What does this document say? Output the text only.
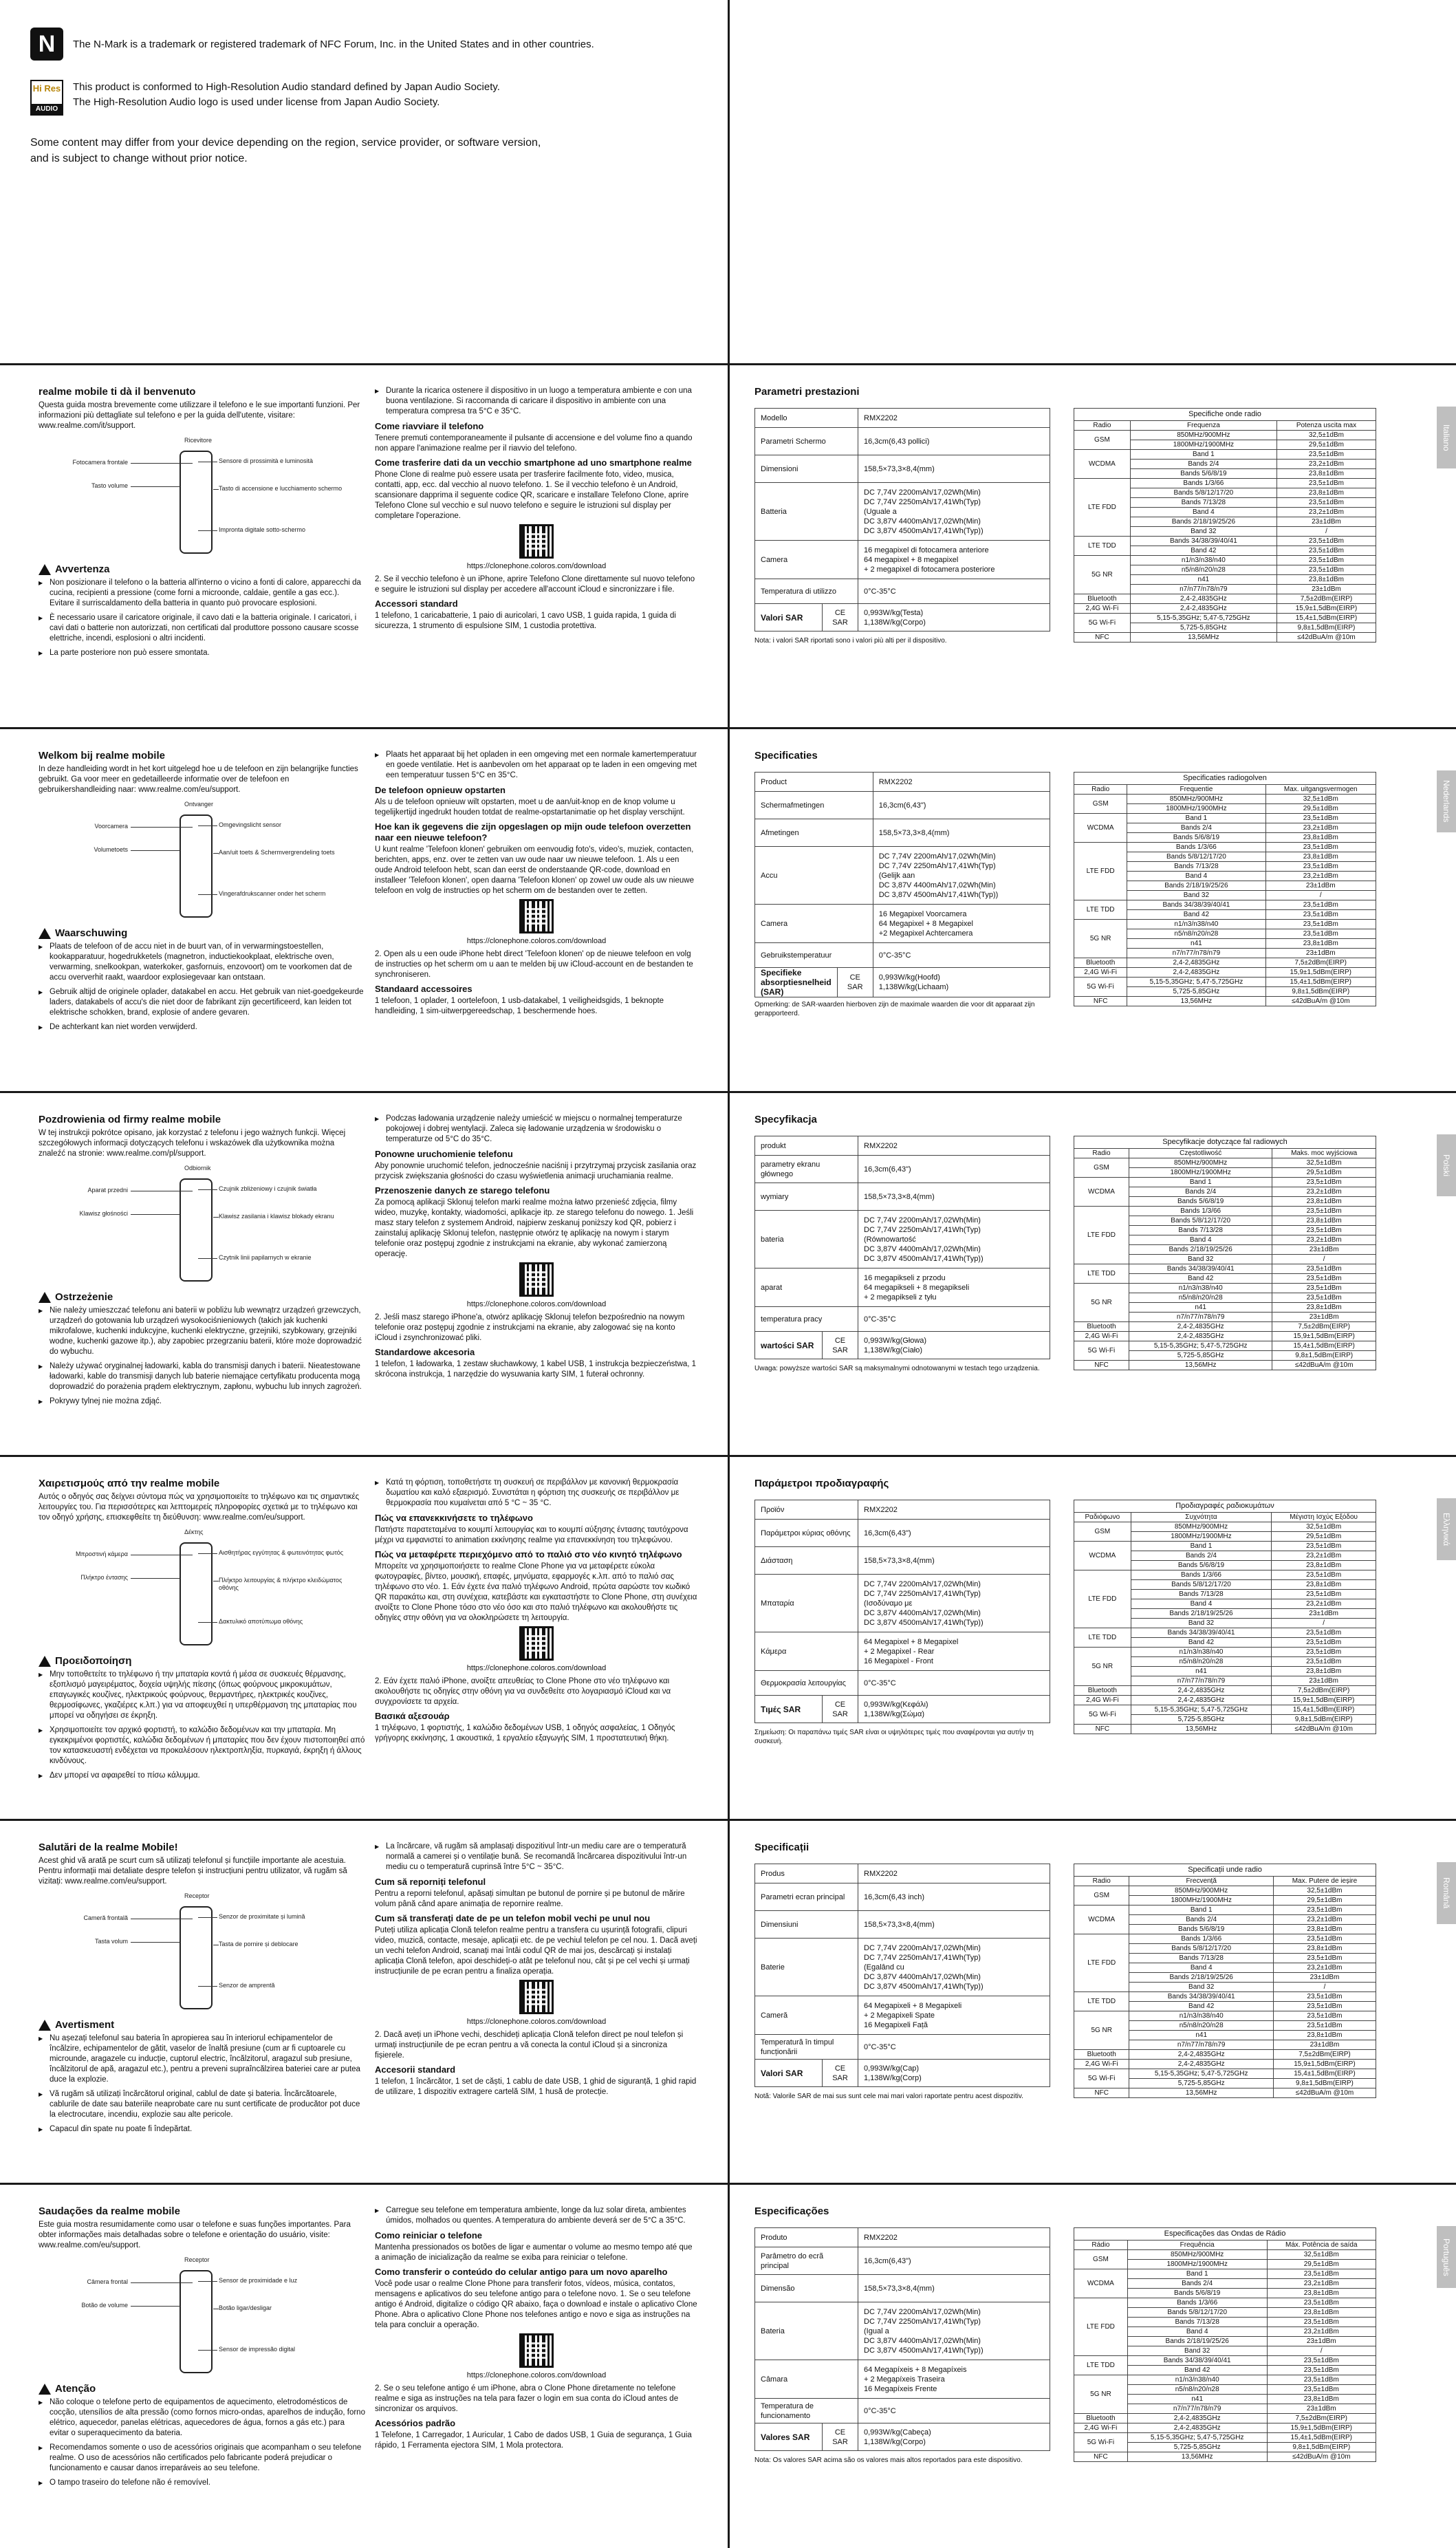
N	The N-Mark is a trademark or registered trademark of NFC Forum, Inc. in the United States and in other countries.
Hi Res
AUDIO
This product is conformed to High-Resolution Audio standard defined by Japan Audio Society.
The High-Resolution Audio logo is used under license from Japan Audio Society.
Some content may differ from your device depending on the region, service provider, or software version,
and is subject to change without prior notice.
realme mobile ti dà il benvenuto
Questa guida mostra brevemente come utilizzare il telefono e le sue importanti funzioni. Per informazioni più dettagliate sul telefono e per la guida dell'utente, visitare: www.realme.com/it/support.
Ricevitore
Fotocamera frontale
Tasto volume
Sensore di prossimità e luminosità
Tasto di accensione e lucchiamento schermo
Impronta digitale sotto-schermo
Avvertenza
▶ Non posizionare il telefono o la batteria all'interno o vicino a fonti di calore, apparecchi da cucina, recipienti a pressione (come forni a microonde, caldaie, gentile a gas ecc.). Evitare il surriscaldamento della batteria in quanto può provocare esplosioni.
▶ È necessario usare il caricatore originale, il cavo dati e la batteria originale. I caricatori, i cavi dati o batterie non autorizzati, non certificati dal produttore possono causare scosse elettriche, incendi, esplosioni o altri incidenti.
▶ La parte posteriore non può essere smontata.
▶ Durante la ricarica ostenere il dispositivo in un luogo a temperatura ambiente e con una buona ventilazione. Si raccomanda di caricare il dispositivo in ambiente con una temperatura compresa tra 5°C e 35°C.
Come riavviare il telefono

Tenere premuti contemporaneamente il pulsante di accensione e del volume fino a quando non appare l'animazione realme per il riavvio del telefono.

Come trasferire dati da un vecchio smartphone ad uno smartphone realme

Phone Clone di realme può essere usata per trasferire facilmente foto, video, musica, contatti, app, ecc. dal vecchio al nuovo telefono. 1. Se il vecchio telefono è un Android, scansionare dapprima il seguente codice QR, scaricare e installare Telefono Clone, aprire Telefono Clone sul vecchio e sul nuovo telefono e seguire le istruzioni sul display per completare l'operazione.

https://clonephone.coloros.com/download

2. Se il vecchio telefono è un iPhone, aprire Telefono Clone direttamente sul nuovo telefono e seguire le istruzioni sul display per accedere all'account iCloud e sincronizzare i file.

Accessori standard

1 telefono, 1 caricabatterie, 1 paio di auricolari, 1 cavo USB, 1 guida rapida, 1 guida di sicurezza, 1 strumento di espulsione SIM, 1 custodia protettiva.

Parametri prestazioni
Modello		RMX2202
Parametri Schermo		16,3cm(6,43 pollici)
Dimensioni		158,5×73,3×8,4(mm)
Batteria		DC 7,74V 2200mAh/17,02Wh(Min)
DC 7,74V 2250mAh/17,41Wh(Typ)
(Uguale a
DC 3,87V 4400mAh/17,02Wh(Min)
DC 3,87V 4500mAh/17,41Wh(Typ))
Camera		16 megapixel di fotocamera anteriore
64 megapixel + 8 megapixel
+ 2 megapixel di fotocamera posteriore
Temperatura di utilizzo		0°C-35°C
Valori SAR	CE SAR	0,993W/kg(Testa)
1,138W/kg(Corpo)
Nota: i valori SAR riportati sono i valori più alti per il dispositivo.
Specifiche onde radio		
Radio	Frequenza	Potenza uscita max
GSM	850MHz/900MHz	32,5±1dBm
	1800MHz/1900MHz	29,5±1dBm
WCDMA	Band 1	23,5±1dBm
	Bands 2/4	23,2±1dBm
	Bands 5/6/8/19	23,8±1dBm
LTE FDD	Bands 1/3/66	23,5±1dBm
	Bands 5/8/12/17/20	23,8±1dBm
	Bands 7/13/28	23,5±1dBm
	Band 4	23,2±1dBm
	Bands 2/18/19/25/26	23±1dBm
	Band 32	/
LTE TDD	Bands 34/38/39/40/41	23,5±1dBm
	Band 42	23,5±1dBm
5G NR	n1/n3/n38/n40	23,5±1dBm
	n5/n8/n20/n28	23,5±1dBm
	n41	23,8±1dBm
	n7/n77/n78/n79	23±1dBm
Bluetooth	2,4-2,4835GHz	7,5±2dBm(EIRP)
2,4G Wi-Fi	2,4-2,4835GHz	15,9±1,5dBm(EIRP)
5G Wi-Fi	5,15-5,35GHz; 5,47-5,725GHz	15,4±1,5dBm(EIRP)
	5,725-5,85GHz	9,8±1,5dBm(EIRP)
NFC	13,56MHz	≤42dBuA/m @10m
Italiano
Welkom bij realme mobile
In deze handleiding wordt in het kort uitgelegd hoe u de telefoon en zijn belangrijke functies gebruikt. Ga voor meer en gedetailleerde informatie over de telefoon en gebruikershandleiding naar: www.realme.com/eu/support.
Ontvanger
Voorcamera
Volumetoets
Omgevingslicht sensor
Aan/uit toets & Schermvergrendeling toets
Vingerafdrukscanner onder het scherm
Waarschuwing
▶ Plaats de telefoon of de accu niet in de buurt van, of in verwarmingstoestellen, kookapparatuur, hogedrukketels (magnetron, inductiekookplaat, elektrische oven, verwarming, snelkookpan, waterkoker, gasfornuis, enzovoort) om te voorkomen dat de accu oververhit raakt, waardoor explosiegevaar kan ontstaan.
▶ Gebruik altijd de originele oplader, datakabel en accu. Het gebruik van niet-goedgekeurde laders, datakabels of accu's die niet door de fabrikant zijn gecertificeerd, kan leiden tot elektrische schokken, brand, explosie of andere gevaren.
▶ De achterkant kan niet worden verwijderd.
▶ Plaats het apparaat bij het opladen in een omgeving met een normale kamertemperatuur en goede ventilatie. Het is aanbevolen om het apparaat op te laden in een omgeving met een temperatuur tussen 5°C en 35°C.
De telefoon opnieuw opstarten

Als u de telefoon opnieuw wilt opstarten, moet u de aan/uit-knop en de knop volume u tegelijkertijd ingedrukt houden totdat de realme-opstartanimatie op het display verschijnt.

Hoe kan ik gegevens die zijn opgeslagen op mijn oude telefoon overzetten naar een nieuwe telefoon?

U kunt realme 'Telefoon klonen' gebruiken om eenvoudig foto's, video's, muziek, contacten, berichten, apps, enz. over te zetten van uw oude naar uw nieuwe telefoon. 1. Als u een oude Android telefoon hebt, scan dan eerst de onderstaande QR-code, download en installeer 'Telefoon klonen', open daarna 'Telefoon klonen' op zowel uw oude als uw nieuwe telefoon en volg de instructies op het scherm om de bestanden over te zetten.

https://clonephone.coloros.com/download

2. Open als u een oude iPhone hebt direct 'Telefoon klonen' op de nieuwe telefoon en volg de instructies op het scherm om u aan te melden bij uw iCloud-account en de bestanden te synchroniseren.

Standaard accessoires

1 telefoon, 1 oplader, 1 oortelefoon, 1 usb-datakabel, 1 veiligheidsgids, 1 beknopte handleiding, 1 sim-uitwerpgereedschap, 1 beschermende hoes.

Specificaties
Product		RMX2202
Schermafmetingen		16,3cm(6,43")
Afmetingen		158,5×73,3×8,4(mm)
Accu		DC 7,74V 2200mAh/17,02Wh(Min)
DC 7,74V 2250mAh/17,41Wh(Typ)
(Gelijk aan
DC 3,87V 4400mAh/17,02Wh(Min)
DC 3,87V 4500mAh/17,41Wh(Typ))
Camera		16 Megapixel Voorcamera
64 Megapixel + 8 Megapixel
+2 Megapixel Achtercamera
Gebruikstemperatuur		0°C-35°C
Specifieke absorptiesnelheid (SAR)	CE SAR	0,993W/kg(Hoofd)
1,138W/kg(Lichaam)
Opmerking: de SAR-waarden hierboven zijn de maximale waarden die voor dit apparaat zijn gerapporteerd.
Specificaties radiogolven		
Radio	Frequentie	Max. uitgangsvermogen
GSM	850MHz/900MHz	32,5±1dBm
	1800MHz/1900MHz	29,5±1dBm
WCDMA	Band 1	23,5±1dBm
	Bands 2/4	23,2±1dBm
	Bands 5/6/8/19	23,8±1dBm
LTE FDD	Bands 1/3/66	23,5±1dBm
	Bands 5/8/12/17/20	23,8±1dBm
	Bands 7/13/28	23,5±1dBm
	Band 4	23,2±1dBm
	Bands 2/18/19/25/26	23±1dBm
	Band 32	/
LTE TDD	Bands 34/38/39/40/41	23,5±1dBm
	Band 42	23,5±1dBm
5G NR	n1/n3/n38/n40	23,5±1dBm
	n5/n8/n20/n28	23,5±1dBm
	n41	23,8±1dBm
	n7/n77/n78/n79	23±1dBm
Bluetooth	2,4-2,4835GHz	7,5±2dBm(EIRP)
2,4G Wi-Fi	2,4-2,4835GHz	15,9±1,5dBm(EIRP)
5G Wi-Fi	5,15-5,35GHz; 5,47-5,725GHz	15,4±1,5dBm(EIRP)
	5,725-5,85GHz	9,8±1,5dBm(EIRP)
NFC	13,56MHz	≤42dBuA/m @10m
Nederlands
Pozdrowienia od firmy realme mobile
W tej instrukcji pokrótce opisano, jak korzystać z telefonu i jego ważnych funkcji. Więcej szczegółowych informacji dotyczących telefonu i wskazówek dla użytkownika można znaleźć na stronie: www.realme.com/pl/support.
Odbiornik
Aparat przedni
Klawisz głośności
Czujnik zbliżeniowy i czujnik światła
Klawisz zasilania i klawisz blokady ekranu
Czytnik linii papilarnych w ekranie
Ostrzeżenie
▶ Nie należy umieszczać telefonu ani baterii w pobliżu lub wewnątrz urządzeń grzewczych, urządzeń do gotowania lub urządzeń wysokociśnieniowych (takich jak kuchenki mikrofalowe, kuchenki indukcyjne, kuchenki elektryczne, grzejniki, szybkowary, grzejniki wodne, kuchenki gazowe itp.), aby zapobiec przegrzaniu baterii, które może doprowadzić do wybuchu.
▶ Należy używać oryginalnej ładowarki, kabla do transmisji danych i baterii. Nieatestowane ładowarki, kable do transmisji danych lub baterie niemające certyfikatu producenta mogą doprowadzić do porażenia prądem elektrycznym, zapłonu, wybuchu lub innych zagrożeń.
▶ Pokrywy tylnej nie można zdjąć.
▶ Podczas ładowania urządzenie należy umieścić w miejscu o normalnej temperaturze pokojowej i dobrej wentylacji. Zaleca się ładowanie urządzenia w środowisku o temperaturze od 5°C do 35°C.
Ponowne uruchomienie telefonu

Aby ponownie uruchomić telefon, jednocześnie naciśnij i przytrzymaj przycisk zasilania oraz przycisk zwiększania głośności do czasu wyświetlenia animacji uruchamiania realme.

Przenoszenie danych ze starego telefonu

Za pomocą aplikacji Sklonuj telefon marki realme można łatwo przenieść zdjęcia, filmy wideo, muzykę, kontakty, wiadomości, aplikacje itp. ze starego telefonu do nowego. 1. Jeśli masz stary telefon z systemem Android, najpierw zeskanuj poniższy kod QR, pobierz i zainstaluj aplikację Sklonuj telefon, następnie otwórz tę aplikację na nowym i starym telefonie oraz postępuj zgodnie z instrukcjami na ekranie, aby wykonać zamierzoną operację.

https://clonephone.coloros.com/download

2. Jeśli masz starego iPhone'a, otwórz aplikację Sklonuj telefon bezpośrednio na nowym telefonie oraz postępuj zgodnie z instrukcjami na ekranie, aby zalogować się na konto iCloud i zsynchronizować pliki.

Standardowe akcesoria

1 telefon, 1 ładowarka, 1 zestaw słuchawkowy, 1 kabel USB, 1 instrukcja bezpieczeństwa, 1 skrócona instrukcja, 1 narzędzie do wysuwania karty SIM, 1 futerał ochronny.

Specyfikacja
produkt		RMX2202
parametry ekranu głównego		16,3cm(6,43")
wymiary		158,5×73,3×8,4(mm)
bateria		DC 7,74V 2200mAh/17,02Wh(Min)
DC 7,74V 2250mAh/17,41Wh(Typ)
(Równowartość
DC 3,87V 4400mAh/17,02Wh(Min)
DC 3,87V 4500mAh/17,41Wh(Typ))
aparat		16 megapikseli z przodu
64 megapikseli + 8 megapikseli
+ 2 megapikseli z tyłu
temperatura pracy		0°C-35°C
wartości SAR	CE SAR	0,993W/kg(Głowa)
1,138W/kg(Ciało)
Uwaga: powyższe wartości SAR są maksymalnymi odnotowanymi w testach tego urządzenia.
Specyfikacje dotyczące fal radiowych		
Radio	Częstotliwość	Maks. moc wyjściowa
GSM	850MHz/900MHz	32,5±1dBm
	1800MHz/1900MHz	29,5±1dBm
WCDMA	Band 1	23,5±1dBm
	Bands 2/4	23,2±1dBm
	Bands 5/6/8/19	23,8±1dBm
LTE FDD	Bands 1/3/66	23,5±1dBm
	Bands 5/8/12/17/20	23,8±1dBm
	Bands 7/13/28	23,5±1dBm
	Band 4	23,2±1dBm
	Bands 2/18/19/25/26	23±1dBm
	Band 32	/
LTE TDD	Bands 34/38/39/40/41	23,5±1dBm
	Band 42	23,5±1dBm
5G NR	n1/n3/n38/n40	23,5±1dBm
	n5/n8/n20/n28	23,5±1dBm
	n41	23,8±1dBm
	n7/n77/n78/n79	23±1dBm
Bluetooth	2,4-2,4835GHz	7,5±2dBm(EIRP)
2,4G Wi-Fi	2,4-2,4835GHz	15,9±1,5dBm(EIRP)
5G Wi-Fi	5,15-5,35GHz; 5,47-5,725GHz	15,4±1,5dBm(EIRP)
	5,725-5,85GHz	9,8±1,5dBm(EIRP)
NFC	13,56MHz	≤42dBuA/m @10m
Polski
Χαιρετισμούς από την realme mobile
Αυτός ο οδηγός σας δείχνει σύντομα πώς να χρησιμοποιείτε το τηλέφωνο και τις σημαντικές λειτουργίες του. Για περισσότερες και λεπτομερείς πληροφορίες σχετικά με το τηλέφωνο και τον οδηγό χρήσης, επισκεφθείτε τη διεύθυνση: www.realme.com/eu/support.
Δέκτης
Μπροστινή κάμερα
Πλήκτρο έντασης
Αισθητήρας εγγύτητας & φωτεινότητας φωτός
Πλήκτρο λειτουργίας & πλήκτρο κλειδώματος οθόνης
Δακτυλικό αποτύπωμα οθόνης
Προειδοποίηση
▶ Μην τοποθετείτε το τηλέφωνο ή την μπαταρία κοντά ή μέσα σε συσκευές θέρμανσης, εξοπλισμό μαγειρέματος, δοχεία υψηλής πίεσης (όπως φούρνους μικροκυμάτων, επαγωγικές κουζίνες, ηλεκτρικούς φούρνους, θερμαντήρες, ηλεκτρικές κουζίνες, θερμοσίφωνες, γκαζιέρες κ.λπ.) για να αποφευχθεί η υπερθέρμανση της μπαταρίας που μπορεί να οδηγήσει σε έκρηξη.
▶ Χρησιμοποιείτε τον αρχικό φορτιστή, το καλώδιο δεδομένων και την μπαταρία. Μη εγκεκριμένοι φορτιστές, καλώδια δεδομένων ή μπαταρίες που δεν έχουν πιστοποιηθεί από τον κατασκευαστή ενδέχεται να προκαλέσουν ηλεκτροπληξία, πυρκαγιά, έκρηξη ή άλλους κινδύνους.
▶ Δεν μπορεί να αφαιρεθεί το πίσω κάλυμμα.
▶ Κατά τη φόρτιση, τοποθετήστε τη συσκευή σε περιβάλλον με κανονική θερμοκρασία δωματίου και καλό εξαερισμό. Συνιστάται η φόρτιση της συσκευής σε περιβάλλον με θερμοκρασία που κυμαίνεται από 5 °C ~ 35 °C.
Πώς να επανεκκινήσετε το τηλέφωνο

Πατήστε παρατεταμένα το κουμπί λειτουργίας και το κουμπί αύξησης έντασης ταυτόχρονα μέχρι να εμφανιστεί το animation εκκίνησης realme για επανεκκίνηση του τηλεφώνου.

Πώς να μεταφέρετε περιεχόμενο από το παλιό στο νέο κινητό τηλέφωνο

Μπορείτε να χρησιμοποιήσετε το realme Clone Phone για να μεταφέρετε εύκολα φωτογραφίες, βίντεο, μουσική, επαφές, μηνύματα, εφαρμογές κ.λπ. από το παλιό σας τηλέφωνο στο νέο. 1. Εάν έχετε ένα παλιό τηλέφωνο Android, πρώτα σαρώστε τον κωδικό QR παρακάτω και, στη συνέχεια, κατεβάστε και εγκαταστήστε το Clone Phone, στη συνέχεια ανοίξτε το Clone Phone τόσο στο νέο όσο και στο παλιό τηλέφωνο και ακολουθήστε τις οδηγίες στην οθόνη για να ολοκληρώσετε τη λειτουργία.

https://clonephone.coloros.com/download

2. Εάν έχετε παλιό iPhone, ανοίξτε απευθείας το Clone Phone στο νέο τηλέφωνο και ακολουθήστε τις οδηγίες στην οθόνη για να συνδεθείτε στο λογαριασμό iCloud και να συγχρονίσετε τα αρχεία.

Βασικά αξεσουάρ

1 τηλέφωνο, 1 φορτιστής, 1 καλώδιο δεδομένων USB, 1 οδηγός ασφαλείας, 1 Οδηγός γρήγορης εκκίνησης, 1 ακουστικά, 1 εργαλείο εξαγωγής SIM, 1 προστατευτική θήκη.

Παράμετροι προδιαγραφής
Προϊόν		RMX2202
Παράμετροι κύριας οθόνης		16,3cm(6,43")
Διάσταση		158,5×73,3×8,4(mm)
Μπαταρία		DC 7,74V 2200mAh/17,02Wh(Min)
DC 7,74V 2250mAh/17,41Wh(Typ)
(Ισοδύναμο με
DC 3,87V 4400mAh/17,02Wh(Min)
DC 3,87V 4500mAh/17,41Wh(Typ))
Κάμερα		64 Megapixel + 8 Megapixel
+ 2 Megapixel - Rear
16 Megapixel - Front
Θερμοκρασία λειτουργίας		0°C-35°C
Τιμές SAR	CE SAR	0,993W/kg(Κεφάλι)
1,138W/kg(Σώμα)
Σημείωση: Οι παραπάνω τιμές SAR είναι οι υψηλότερες τιμές που αναφέρονται για αυτήν τη συσκευή.
Προδιαγραφές ραδιοκυμάτων		
Ραδιόφωνο	Συχνότητα	Μέγιστη Ισχύς Εξόδου
GSM	850MHz/900MHz	32,5±1dBm
	1800MHz/1900MHz	29,5±1dBm
WCDMA	Band 1	23,5±1dBm
	Bands 2/4	23,2±1dBm
	Bands 5/6/8/19	23,8±1dBm
LTE FDD	Bands 1/3/66	23,5±1dBm
	Bands 5/8/12/17/20	23,8±1dBm
	Bands 7/13/28	23,5±1dBm
	Band 4	23,2±1dBm
	Bands 2/18/19/25/26	23±1dBm
	Band 32	/
LTE TDD	Bands 34/38/39/40/41	23,5±1dBm
	Band 42	23,5±1dBm
5G NR	n1/n3/n38/n40	23,5±1dBm
	n5/n8/n20/n28	23,5±1dBm
	n41	23,8±1dBm
	n7/n77/n78/n79	23±1dBm
Bluetooth	2,4-2,4835GHz	7,5±2dBm(EIRP)
2,4G Wi-Fi	2,4-2,4835GHz	15,9±1,5dBm(EIRP)
5G Wi-Fi	5,15-5,35GHz; 5,47-5,725GHz	15,4±1,5dBm(EIRP)
	5,725-5,85GHz	9,8±1,5dBm(EIRP)
NFC	13,56MHz	≤42dBuA/m @10m
Ελληνικά
Salutări de la realme Mobile!
Acest ghid vă arată pe scurt cum să utilizați telefonul și funcțiile importante ale acestuia. Pentru informații mai detaliate despre telefon și instrucțiuni pentru utilizator, vă rugăm să vizitați: www.realme.com/eu/support.
Receptor
Cameră frontală
Tasta volum
Senzor de proximitate și lumină
Tasta de pornire și deblocare
Senzor de amprentă
Avertisment
▶ Nu așezați telefonul sau bateria în apropierea sau în interiorul echipamentelor de încălzire, echipamentelor de gătit, vaselor de înaltă presiune (cum ar fi cuptoarele cu microunde, aragazele cu inducție, cuptorul electric, încălzitorul, aragazul sub presiune, încălzitorul de apă, aragazul etc.), pentru a preveni supraîncălzirea bateriei care ar putea duce la explozie.
▶ Vă rugăm să utilizați încărcătorul original, cablul de date și bateria. Încărcătoarele, cablurile de date sau bateriile neaprobate care nu sunt certificate de producător pot duce la electrocutare, incendiu, explozie sau alte pericole.
▶ Capacul din spate nu poate fi îndepărtat.
▶ La încărcare, vă rugăm să amplasați dispozitivul într-un mediu care are o temperatură normală a camerei și o ventilație bună. Se recomandă încărcarea dispozitivului într-un mediu cu o temperatură cuprinsă între 5°C ~ 35°C.
Cum să reporniți telefonul

Pentru a reporni telefonul, apăsați simultan pe butonul de pornire și pe butonul de mărire volum până când apare animația de repornire realme.

Cum să transferați date de pe un telefon mobil vechi pe unul nou

Puteți utiliza aplicația Clonă telefon realme pentru a transfera cu ușurință fotografii, clipuri video, muzică, contacte, mesaje, aplicații etc. de pe vechiul telefon pe cel nou. 1. Dacă aveți un vechi telefon Android, scanați mai întâi codul QR de mai jos, descărcați și instalați aplicația Clonă telefon, apoi deschideți-o atât pe telefonul nou, cât și pe cel vechi și urmați instrucțiunile de pe ecran pentru a finaliza operația.

https://clonephone.coloros.com/download

2. Dacă aveți un iPhone vechi, deschideți aplicația Clonă telefon direct pe noul telefon și urmați instrucțiunile de pe ecran pentru a vă conecta la contul iCloud și a sincroniza fișierele.

Accesorii standard

1 telefon, 1 încărcător, 1 set de căști, 1 cablu de date USB, 1 ghid de siguranță, 1 ghid rapid de utilizare, 1 dispozitiv extragere cartelă SIM, 1 husă de protecție.

Specificații
Produs		RMX2202
Parametri ecran principal		16,3cm(6,43 inch)
Dimensiuni		158,5×73,3×8,4(mm)
Baterie		DC 7,74V 2200mAh/17,02Wh(Min)
DC 7,74V 2250mAh/17,41Wh(Typ)
(Egalând cu
DC 3,87V 4400mAh/17,02Wh(Min)
DC 3,87V 4500mAh/17,41Wh(Typ))
Cameră		64 Megapixeli + 8 Megapixeli
+ 2 Megapixeli Spate
16 Megapixeli Față
Temperatură în timpul funcționării		0°C-35°C
Valori SAR	CE SAR	0,993W/kg(Cap)
1,138W/kg(Corp)
Notă: Valorile SAR de mai sus sunt cele mai mari valori raportate pentru acest dispozitiv.
Specificații unde radio		
Radio	Frecvență	Max. Putere de ieșire
GSM	850MHz/900MHz	32,5±1dBm
	1800MHz/1900MHz	29,5±1dBm
WCDMA	Band 1	23,5±1dBm
	Bands 2/4	23,2±1dBm
	Bands 5/6/8/19	23,8±1dBm
LTE FDD	Bands 1/3/66	23,5±1dBm
	Bands 5/8/12/17/20	23,8±1dBm
	Bands 7/13/28	23,5±1dBm
	Band 4	23,2±1dBm
	Bands 2/18/19/25/26	23±1dBm
	Band 32	/
LTE TDD	Bands 34/38/39/40/41	23,5±1dBm
	Band 42	23,5±1dBm
5G NR	n1/n3/n38/n40	23,5±1dBm
	n5/n8/n20/n28	23,5±1dBm
	n41	23,8±1dBm
	n7/n77/n78/n79	23±1dBm
Bluetooth	2,4-2,4835GHz	7,5±2dBm(EIRP)
2,4G Wi-Fi	2,4-2,4835GHz	15,9±1,5dBm(EIRP)
5G Wi-Fi	5,15-5,35GHz; 5,47-5,725GHz	15,4±1,5dBm(EIRP)
	5,725-5,85GHz	9,8±1,5dBm(EIRP)
NFC	13,56MHz	≤42dBuA/m @10m
Română
Saudações da realme mobile
Este guia mostra resumidamente como usar o telefone e suas funções importantes. Para obter informações mais detalhadas sobre o telefone e orientação do usuário, visite: www.realme.com/eu/support.
Receptor
Câmera frontal
Botão de volume
Sensor de proximidade e luz
Botão ligar/desligar
Sensor de impressão digital
Atenção
▶ Não coloque o telefone perto de equipamentos de aquecimento, eletrodomésticos de cocção, utensílios de alta pressão (como fornos micro-ondas, aparelhos de indução, forno elétrico, aquecedor, panelas elétricas, aquecedores de água, fornos a gás etc.) para evitar o superaquecimento da bateria.
▶ Recomendamos somente o uso de acessórios originais que acompanham o seu telefone realme. O uso de acessórios não certificados pelo fabricante poderá prejudicar o funcionamento e causar danos irreparáveis ao seu telefone.
▶ O tampo traseiro do telefone não é removível.
▶ Carregue seu telefone em temperatura ambiente, longe da luz solar direta, ambientes úmidos, molhados ou quentes. A temperatura do ambiente deverá ser de 5°C a 35°C.
Como reiniciar o telefone

Mantenha pressionados os botões de ligar e aumentar o volume ao mesmo tempo até que a animação de inicialização da realme se exiba para reiniciar o telefone.

Como transferir o conteúdo do celular antigo para um novo aparelho

Você pode usar o realme Clone Phone para transferir fotos, vídeos, música, contatos, mensagens e aplicativos do seu telefone antigo para o telefone novo. 1. Se o seu telefone antigo é Android, digitalize o código QR abaixo, faça o download e instale o aplicativo Clone Phone. Abra o aplicativo Clone Phone nos telefones antigo e novo e siga as instruções na tela para concluir a operação.

https://clonephone.coloros.com/download

2. Se o seu telefone antigo é um iPhone, abra o Clone Phone diretamente no telefone realme e siga as instruções na tela para fazer o login em sua conta do iCloud antes de sincronizar os arquivos.

Acessórios padrão

1 Telefone, 1 Carregador, 1 Auricular, 1 Cabo de dados USB, 1 Guia de segurança, 1 Guia rápido, 1 Ferramenta ejectora SIM, 1 Mola protectora.

Especificações
Produto		RMX2202
Parâmetro do ecrã principal		16,3cm(6,43")
Dimensão		158,5×73,3×8,4(mm)
Bateria		DC 7,74V 2200mAh/17,02Wh(Min)
DC 7,74V 2250mAh/17,41Wh(Typ)
(Igual a
DC 3,87V 4400mAh/17,02Wh(Min)
DC 3,87V 4500mAh/17,41Wh(Typ))
Câmara		64 Megapíxeis + 8 Megapíxeis
+ 2 Megapíxeis Traseira
16 Megapíxeis Frente
Temperatura de funcionamento		0°C-35°C
Valores SAR	CE SAR	0,993W/kg(Cabeça)
1,138W/kg(Corpo)
Nota: Os valores SAR acima são os valores mais altos reportados para este dispositivo.
Especificações das Ondas de Rádio		
Rádio	Frequência	Máx. Potência de saída
GSM	850MHz/900MHz	32,5±1dBm
	1800MHz/1900MHz	29,5±1dBm
WCDMA	Band 1	23,5±1dBm
	Bands 2/4	23,2±1dBm
	Bands 5/6/8/19	23,8±1dBm
LTE FDD	Bands 1/3/66	23,5±1dBm
	Bands 5/8/12/17/20	23,8±1dBm
	Bands 7/13/28	23,5±1dBm
	Band 4	23,2±1dBm
	Bands 2/18/19/25/26	23±1dBm
	Band 32	/
LTE TDD	Bands 34/38/39/40/41	23,5±1dBm
	Band 42	23,5±1dBm
5G NR	n1/n3/n38/n40	23,5±1dBm
	n5/n8/n20/n28	23,5±1dBm
	n41	23,8±1dBm
	n7/n77/n78/n79	23±1dBm
Bluetooth	2,4-2,4835GHz	7,5±2dBm(EIRP)
2,4G Wi-Fi	2,4-2,4835GHz	15,9±1,5dBm(EIRP)
5G Wi-Fi	5,15-5,35GHz; 5,47-5,725GHz	15,4±1,5dBm(EIRP)
	5,725-5,85GHz	9,8±1,5dBm(EIRP)
NFC	13,56MHz	≤42dBuA/m @10m
Português
